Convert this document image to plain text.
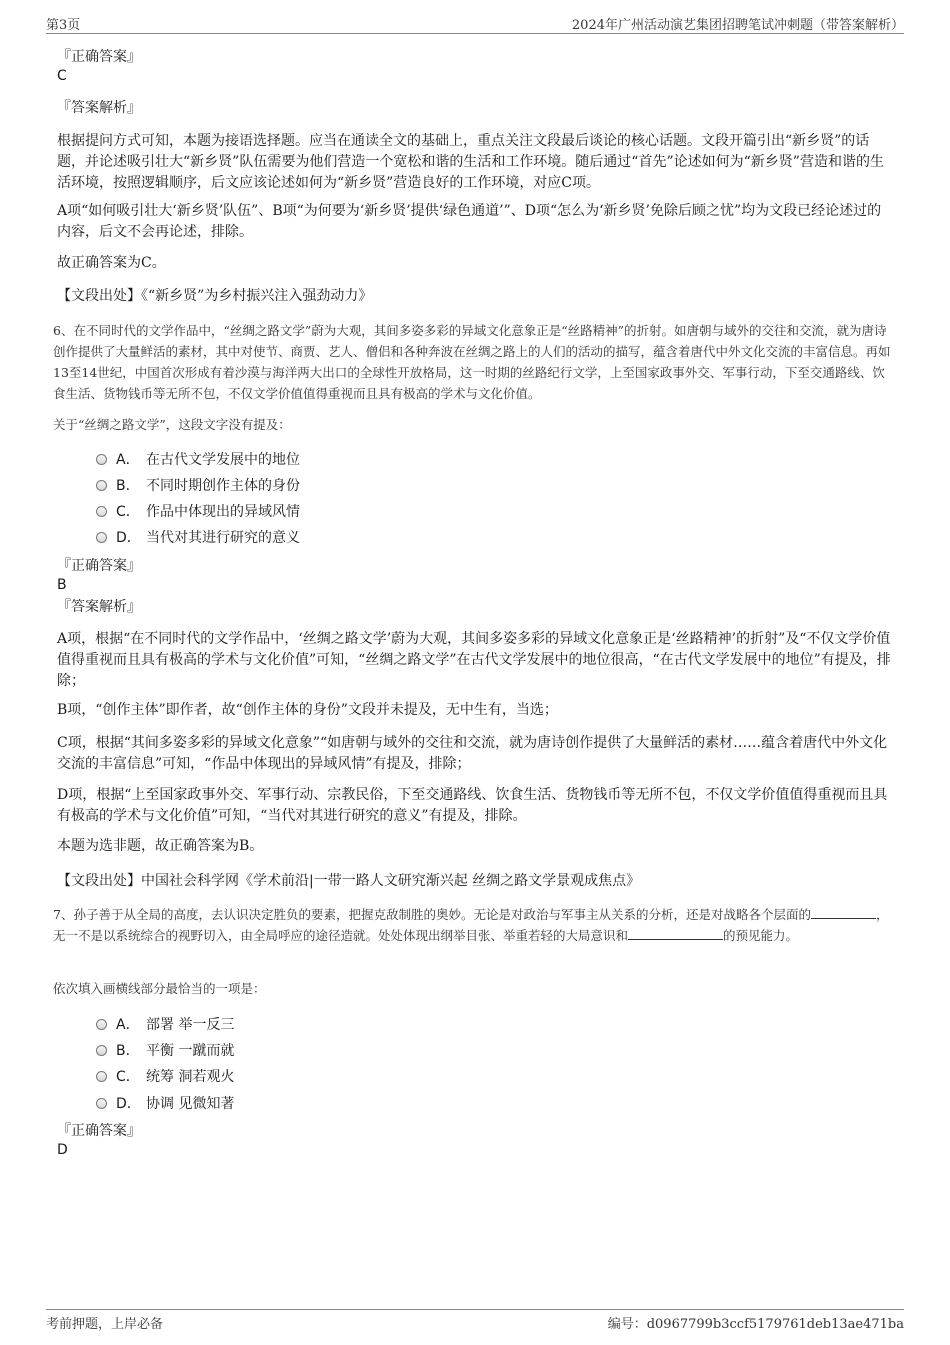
第3页	2024年广州活动演艺集团招聘笔试冲刺题（带答案解析）
『正确答案』
C
『答案解析』
根据提问方式可知，本题为接语选择题。应当在通读全文的基础上，重点关注文段最后谈论的核心话题。文段开篇引出“新乡贤”的话题，并论述吸引壮大“新乡贤”队伍需要为他们营造一个宽松和谐的生活和工作环境。随后通过“首先”论述如何为“新乡贤”营造和谐的生活环境，按照逻辑顺序，后文应该论述如何为“新乡贤”营造良好的工作环境，对应C项。
A项“如何吸引壮大‘新乡贤’队伍”、B项“为何要为‘新乡贤’提供‘绿色通道’”、D项“怎么为‘新乡贤’免除后顾之忧”均为文段已经论述过的内容，后文不会再论述，排除。
故正确答案为C。
【文段出处】《“新乡贤”为乡村振兴注入强劲动力》
6、在不同时代的文学作品中，“丝绸之路文学”蔚为大观，其间多姿多彩的异域文化意象正是“丝路精神”的折射。如唐朝与域外的交往和交流，就为唐诗创作提供了大量鲜活的素材，其中对使节、商贾、艺人、僧侣和各种奔波在丝绸之路上的人们的活动的描写，蕴含着唐代中外文化交流的丰富信息。再如13至14世纪，中国首次形成有着沙漠与海洋两大出口的全球性开放格局，这一时期的丝路纪行文学，上至国家政事外交、军事行动，下至交通路线、饮食生活、货物钱币等无所不包，不仅文学价值值得重视而且具有极高的学术与文化价值。
关于“丝绸之路文学”，这段文字没有提及：
A． 在古代文学发展中的地位
B． 不同时期创作主体的身份
C． 作品中体现出的异域风情
D． 当代对其进行研究的意义
『正确答案』
B
『答案解析』
A项，根据“在不同时代的文学作品中，‘丝绸之路文学’蔚为大观，其间多姿多彩的异域文化意象正是‘丝路精神’的折射”及“不仅文学价值值得重视而且具有极高的学术与文化价值”可知，“丝绸之路文学”在古代文学发展中的地位很高，“在古代文学发展中的地位”有提及，排除；
B项，“创作主体”即作者，故“创作主体的身份”文段并未提及，无中生有，当选；
C项，根据“其间多姿多彩的异域文化意象”“如唐朝与域外的交往和交流，就为唐诗创作提供了大量鲜活的素材……蕴含着唐代中外文化交流的丰富信息”可知，“作品中体现出的异域风情”有提及，排除；
D项，根据“上至国家政事外交、军事行动、宗教民俗，下至交通路线、饮食生活、货物钱币等无所不包，不仅文学价值值得重视而且具有极高的学术与文化价值”可知，“当代对其进行研究的意义”有提及，排除。
本题为选非题，故正确答案为B。
【文段出处】中国社会科学网《学术前沿|一带一路人文研究渐兴起 丝绸之路文学景观成焦点》
7、孙子善于从全局的高度，去认识决定胜负的要素，把握克敌制胜的奥妙。无论是对政治与军事主从关系的分析，还是对战略各个层面的	，无一不是以系统综合的视野切入，由全局呼应的途径造就。处处体现出纲举目张、举重若轻的大局意识和	的预见能力。
依次填入画横线部分最恰当的一项是：
A． 部署 举一反三
B． 平衡 一蹴而就
C． 统筹 洞若观火
D． 协调 见微知著
『正确答案』
D
考前押题，上岸必备	编号：d0967799b3ccf5179761deb13ae471ba
